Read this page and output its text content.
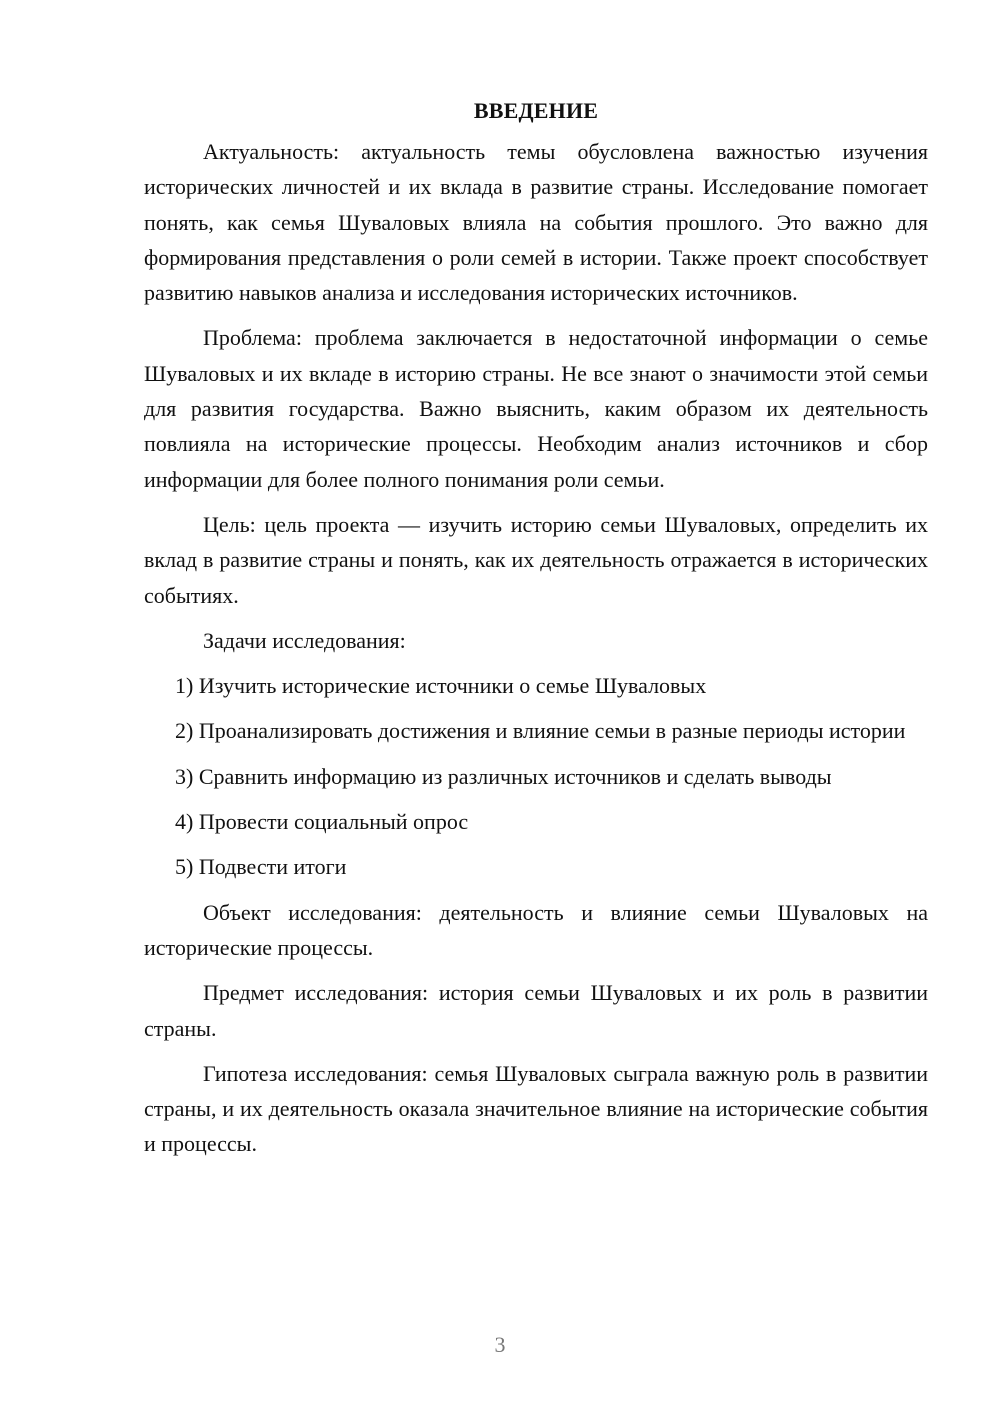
ВВЕДЕНИЕ

Актуальность: актуальность темы обусловлена важностью изучения исторических личностей и их вклада в развитие страны. Исследование помогает понять, как семья Шуваловых влияла на события прошлого. Это важно для формирования представления о роли семей в истории. Также проект способствует развитию навыков анализа и исследования исторических источников.

Проблема: проблема заключается в недостаточной информации о семье Шуваловых и их вкладе в историю страны. Не все знают о значимости этой семьи для развития государства. Важно выяснить, каким образом их деятельность повлияла на исторические процессы. Необходим анализ источников и сбор информации для более полного понимания роли семьи.

Цель: цель проекта — изучить историю семьи Шуваловых, определить их вклад в развитие страны и понять, как их деятельность отражается в исторических событиях.

Задачи исследования:

1) Изучить исторические источники о семье Шуваловых

2) Проанализировать достижения и влияние семьи в разные периоды истории

3) Сравнить информацию из различных источников и сделать выводы

4) Провести социальный опрос

5) Подвести итоги

Объект исследования: деятельность и влияние семьи Шуваловых на исторические процессы.

Предмет исследования: история семьи Шуваловых и их роль в развитии страны.

Гипотеза исследования: семья Шуваловых сыграла важную роль в развитии страны, и их деятельность оказала значительное влияние на исторические события и процессы.

3
